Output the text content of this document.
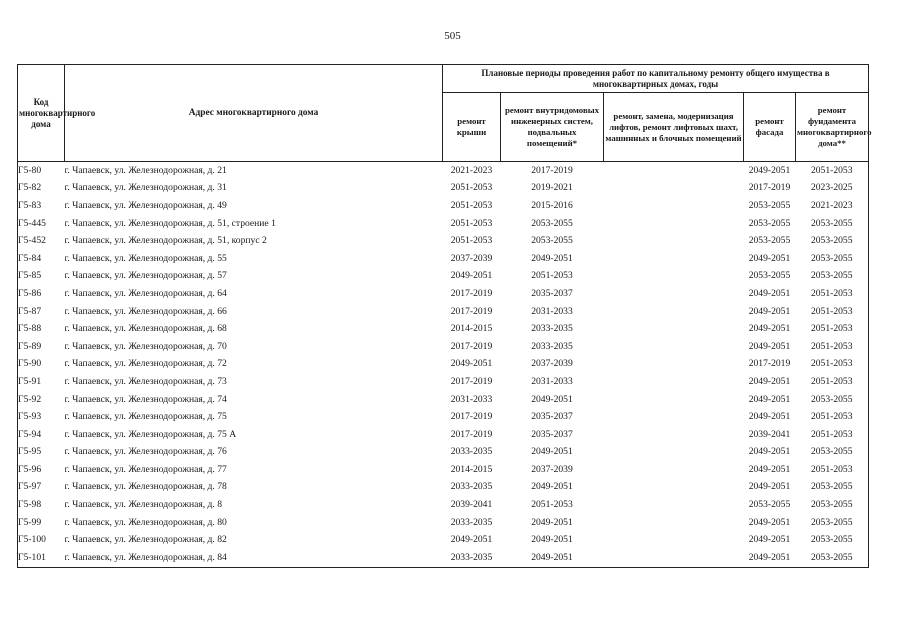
505
Код многоквартирного дома	Адрес многоквартирного дома	Плановые периоды проведения работ по капитальному ремонту общего имущества в многоквартирных домах, годы				
		ремонт крыши	ремонт внутридомовых инженерных систем, подвальных помещений*	ремонт, замена, модернизация лифтов, ремонт лифтовых шахт, машинных и блочных помещений	ремонт фасада	ремонт фундамента многоквартирного дома**
Г5-80	г. Чапаевск, ул. Железнодорожная, д. 21	2021-2023	2017-2019		2049-2051	2051-2053
Г5-82	г. Чапаевск, ул. Железнодорожная, д. 31	2051-2053	2019-2021		2017-2019	2023-2025
Г5-83	г. Чапаевск, ул. Железнодорожная, д. 49	2051-2053	2015-2016		2053-2055	2021-2023
Г5-445	г. Чапаевск, ул. Железнодорожная, д. 51, строение 1	2051-2053	2053-2055		2053-2055	2053-2055
Г5-452	г. Чапаевск, ул. Железнодорожная, д. 51, корпус 2	2051-2053	2053-2055		2053-2055	2053-2055
Г5-84	г. Чапаевск, ул. Железнодорожная, д. 55	2037-2039	2049-2051		2049-2051	2053-2055
Г5-85	г. Чапаевск, ул. Железнодорожная, д. 57	2049-2051	2051-2053		2053-2055	2053-2055
Г5-86	г. Чапаевск, ул. Железнодорожная, д. 64	2017-2019	2035-2037		2049-2051	2051-2053
Г5-87	г. Чапаевск, ул. Железнодорожная, д. 66	2017-2019	2031-2033		2049-2051	2051-2053
Г5-88	г. Чапаевск, ул. Железнодорожная, д. 68	2014-2015	2033-2035		2049-2051	2051-2053
Г5-89	г. Чапаевск, ул. Железнодорожная, д. 70	2017-2019	2033-2035		2049-2051	2051-2053
Г5-90	г. Чапаевск, ул. Железнодорожная, д. 72	2049-2051	2037-2039		2017-2019	2051-2053
Г5-91	г. Чапаевск, ул. Железнодорожная, д. 73	2017-2019	2031-2033		2049-2051	2051-2053
Г5-92	г. Чапаевск, ул. Железнодорожная, д. 74	2031-2033	2049-2051		2049-2051	2053-2055
Г5-93	г. Чапаевск, ул. Железнодорожная, д. 75	2017-2019	2035-2037		2049-2051	2051-2053
Г5-94	г. Чапаевск, ул. Железнодорожная, д. 75 А	2017-2019	2035-2037		2039-2041	2051-2053
Г5-95	г. Чапаевск, ул. Железнодорожная, д. 76	2033-2035	2049-2051		2049-2051	2053-2055
Г5-96	г. Чапаевск, ул. Железнодорожная, д. 77	2014-2015	2037-2039		2049-2051	2051-2053
Г5-97	г. Чапаевск, ул. Железнодорожная, д. 78	2033-2035	2049-2051		2049-2051	2053-2055
Г5-98	г. Чапаевск, ул. Железнодорожная, д. 8	2039-2041	2051-2053		2053-2055	2053-2055
Г5-99	г. Чапаевск, ул. Железнодорожная, д. 80	2033-2035	2049-2051		2049-2051	2053-2055
Г5-100	г. Чапаевск, ул. Железнодорожная, д. 82	2049-2051	2049-2051		2049-2051	2053-2055
Г5-101	г. Чапаевск, ул. Железнодорожная, д. 84	2033-2035	2049-2051		2049-2051	2053-2055
